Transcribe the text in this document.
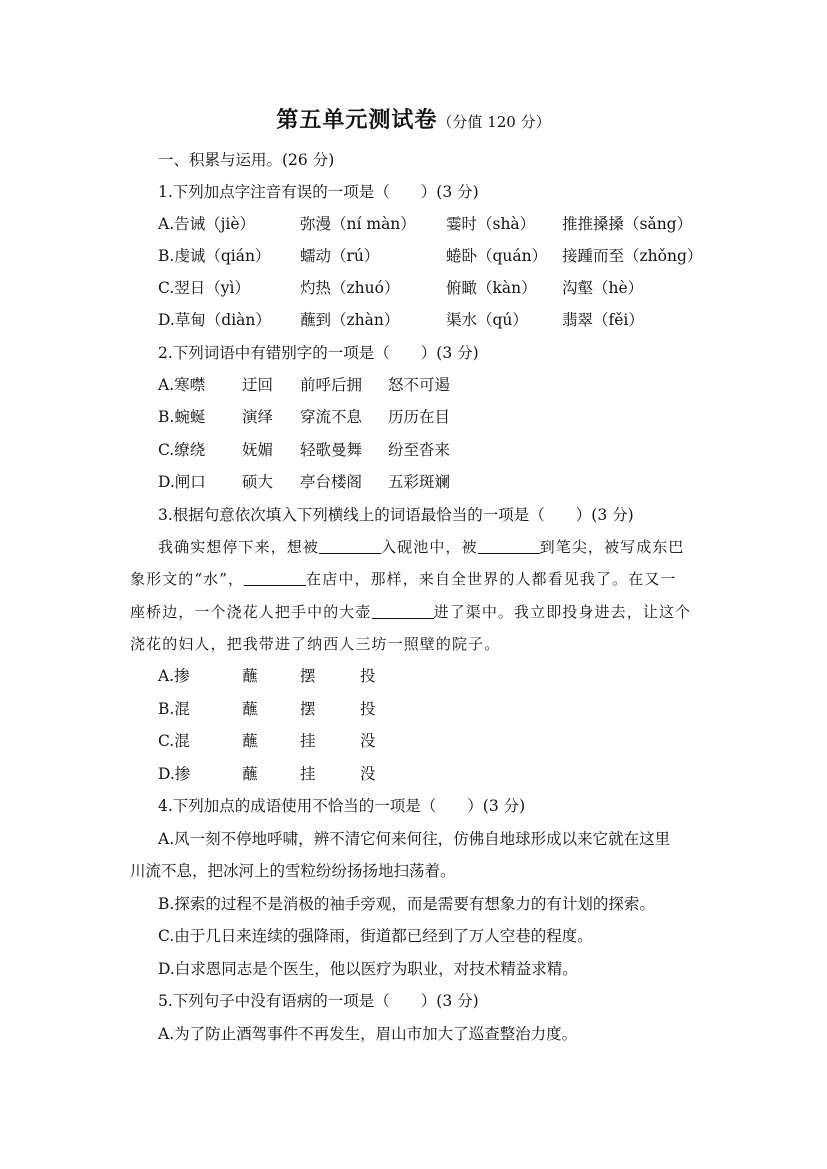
第五单元测试卷（分值 120 分）
一、积累与运用。(26 分)
1.下列加点字注音有误的一项是（　　）(3 分)
A.告诫（jiè）	弥漫（ní màn） 霎时（shà） 推推搡搡（sǎng）
B.虔诚（qián） 蠕动（rú）	蜷卧（quán） 接踵而至（zhǒng）
C.翌日（yì）	灼热（zhuó）	俯瞰（kàn） 沟壑（hè）
D.草甸（diàn） 蘸到（zhàn）	渠水（qú） 翡翠（fěi）
2.下列词语中有错别字的一项是（　　）(3 分)
A.寒噤 迂回 前呼后拥 怒不可遏
B.蜿蜒 演绎 穿流不息 历历在目
C.缭绕 妩媚 轻歌曼舞 纷至沓来
D.闸口 硕大 亭台楼阁 五彩斑斓
3.根据句意依次填入下列横线上的词语最恰当的一项是（　　）(3 分)
我确实想停下来，想被	入砚池中，被	到笔尖，被写成东巴
象形文的“水”，	在店中，那样，来自全世界的人都看见我了。在又一
座桥边，一个浇花人把手中的大壶	进了渠中。我立即投身进去，让这个
浇花的妇人，把我带进了纳西人三坊一照壁的院子。
A.掺	蘸	摆	投
B.混	蘸	摆	投
C.混	蘸	挂	没
D.掺	蘸	挂	没
4.下列加点的成语使用不恰当的一项是（　　）(3 分)
A.风一刻不停地呼啸，辨不清它何来何往，仿佛自地球形成以来它就在这里
川流不息，把冰河上的雪粒纷纷扬扬地扫荡着。
B.探索的过程不是消极的袖手旁观，而是需要有想象力的有计划的探索。
C.由于几日来连续的强降雨，街道都已经到了万人空巷的程度。
D.白求恩同志是个医生，他以医疗为职业，对技术精益求精。
5.下列句子中没有语病的一项是（　　）(3 分)
A.为了防止酒驾事件不再发生，眉山市加大了巡查整治力度。
